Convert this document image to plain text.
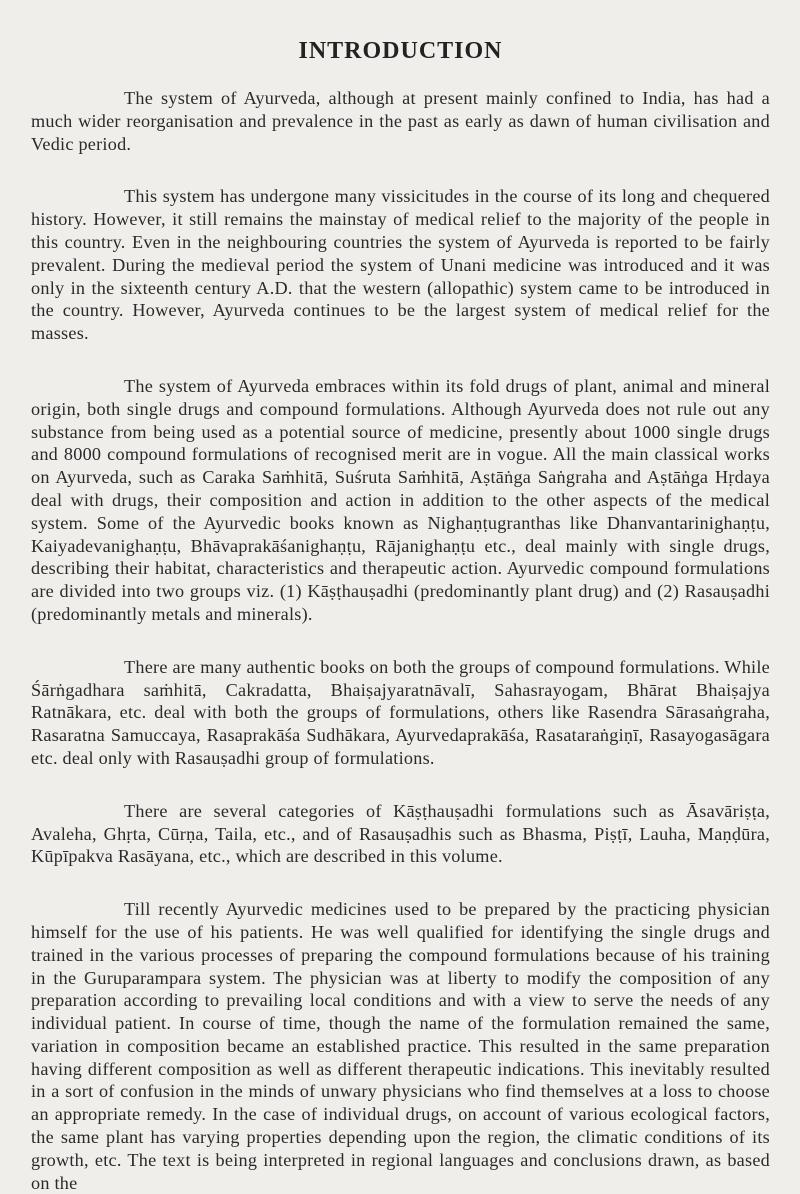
INTRODUCTION

The system of Ayurveda, although at present mainly confined to India, has had a much wider reorganisation and prevalence in the past as early as dawn of human civilisation and Vedic period.

This system has undergone many vissicitudes in the course of its long and chequered history. However, it still remains the mainstay of medical relief to the majority of the people in this country. Even in the neighbouring countries the system of Ayurveda is reported to be fairly prevalent. During the medieval period the system of Unani medicine was introduced and it was only in the sixteenth century A.D. that the western (allopathic) system came to be introduced in the country. However, Ayurveda continues to be the largest system of medical relief for the masses.

The system of Ayurveda embraces within its fold drugs of plant, animal and mineral origin, both single drugs and compound formulations. Although Ayurveda does not rule out any substance from being used as a potential source of medicine, presently about 1000 single drugs and 8000 compound formulations of recognised merit are in vogue. All the main classical works on Ayurveda, such as Caraka Saṁhitā, Suśruta Saṁhitā, Aṣtāṅga Saṅgraha and Aṣtāṅga Hṛdaya deal with drugs, their composition and action in addition to the other aspects of the medical system. Some of the Ayurvedic books known as Nighaṇṭugranthas like Dhanvantarinighaṇṭu, Kaiyadevanighaṇṭu, Bhāvaprakāśanighaṇṭu, Rājanighaṇṭu etc., deal mainly with single drugs, describing their habitat, characteristics and therapeutic action. Ayurvedic compound formulations are divided into two groups viz. (1) Kāṣṭhauṣadhi (predominantly plant drug) and (2) Rasauṣadhi (predominantly metals and minerals).

There are many authentic books on both the groups of compound formulations. While Śārṅgadhara saṁhitā, Cakradatta, Bhaiṣajyaratnāvalī, Sahasrayogam, Bhārat Bhaiṣajya Ratnākara, etc. deal with both the groups of formulations, others like Rasendra Sārasaṅgraha, Rasaratna Samuccaya, Rasaprakāśa Sudhākara, Ayurvedaprakāśa, Rasataraṅgiṇī, Rasayogasāgara etc. deal only with Rasauṣadhi group of formulations.

There are several categories of Kāṣṭhauṣadhi formulations such as Āsavāriṣṭa, Avaleha, Ghṛta, Cūrṇa, Taila, etc., and of Rasauṣadhis such as Bhasma, Piṣṭī, Lauha, Maṇḍūra, Kūpīpakva Rasāyana, etc., which are described in this volume.

Till recently Ayurvedic medicines used to be prepared by the practicing physician himself for the use of his patients. He was well qualified for identifying the single drugs and trained in the various processes of preparing the compound formulations because of his training in the Guruparampara system. The physician was at liberty to modify the composition of any preparation according to prevailing local conditions and with a view to serve the needs of any individual patient. In course of time, though the name of the formulation remained the same, variation in composition became an established practice. This resulted in the same preparation having different composition as well as different therapeutic indications. This inevitably resulted in a sort of confusion in the minds of unwary physicians who find themselves at a loss to choose an appropriate remedy. In the case of individual drugs, on account of various ecological factors, the same plant has varying properties depending upon the region, the climatic conditions of its growth, etc. The text is being interpreted in regional languages and conclusions drawn, as based on the
